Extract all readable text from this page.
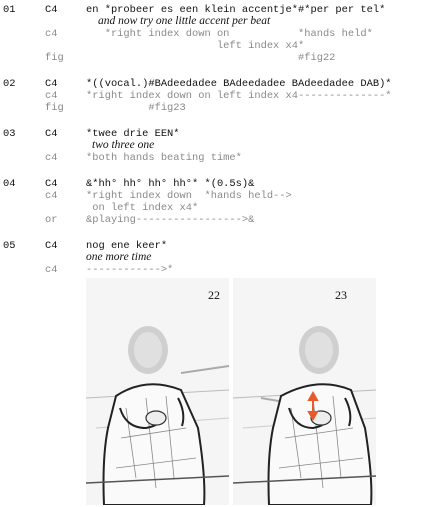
01	C4	en *probeer es een klein accentje*#*per per tel*
and now try one little accent per beat
c4	*right index down on           *hands held*
left index x4*
fig #fig22
02	C4	*((vocal.)#BAdeedadee BAdeedadee BAdeedadee DAB)*
c4	*right index down on left index x4--------------*
fig #fig23
03	C4	*twee drie EEN*
two three one
c4	*both hands beating time*
04	C4	&*hh° hh° hh° hh°* *(0.5s)&
c4	*right index down  *hands held-->
on left index x4*
or	&playing----------------->&
05	C4	nog ene keer*
one more time
c4	------------>*
22	23
